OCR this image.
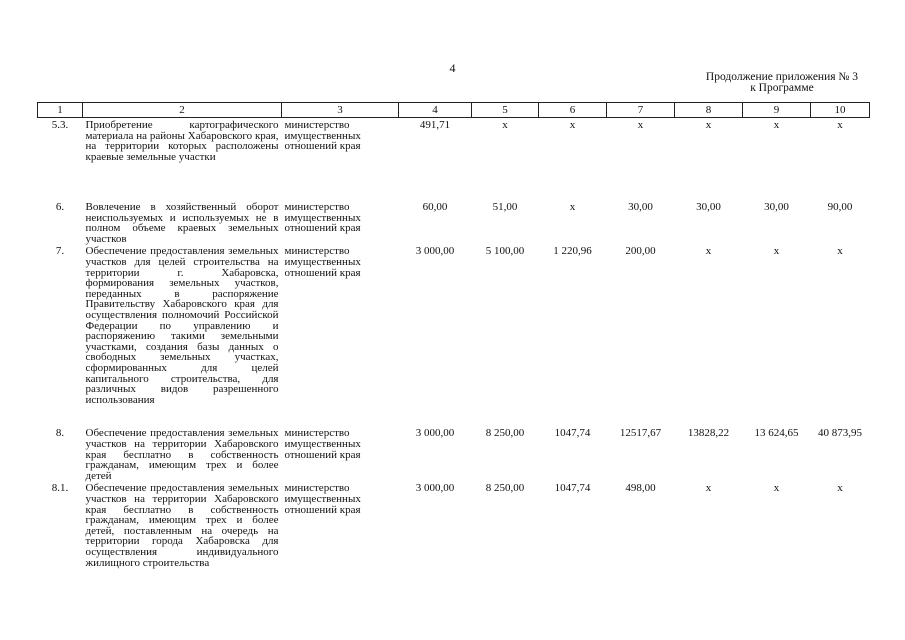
4
Продолжение приложения № 3
к Программе
1	2	3	4	5	6	7	8	9	10
5.3.	Приобретение картографического материала на районы Хабаровского края, на территории которых расположены краевые земельные участки	министерство имущественных отношений края	491,71	х	х	х	х	х	х
6.	Вовлечение в хозяйственный оборот неиспользуемых и используемых не в полном объеме краевых земельных участков	министерство имущественных отношений края	60,00	51,00	х	30,00	30,00	30,00	90,00
7.	Обеспечение предоставления земельных участков для целей строительства на территории г. Хабаровска, формирования земельных участков, переданных в распоряжение Правительству Хабаровского края для осуществления полномочий Российской Федерации по управлению и распоряжению такими земельными участками, создания базы данных о свободных земельных участках, сформированных для целей капитального строительства, для различных видов разрешенного использования	министерство имущественных отношений края	3 000,00	5 100,00	1 220,96	200,00	х	х	х
8.	Обеспечение предоставления земельных участков на территории Хабаровского края бесплатно в собственность гражданам, имеющим трех и более детей	министерство имущественных отношений края	3 000,00	8 250,00	1047,74	12517,67	13828,22	13 624,65	40 873,95
8.1.	Обеспечение предоставления земельных участков на территории Хабаровского края бесплатно в собственность гражданам, имеющим трех и более детей, поставленным на очередь на территории города Хабаровска для осуществления индивидуального жилищного строительства	министерство имущественных отношений края	3 000,00	8 250,00	1047,74	498,00	х	х	х
